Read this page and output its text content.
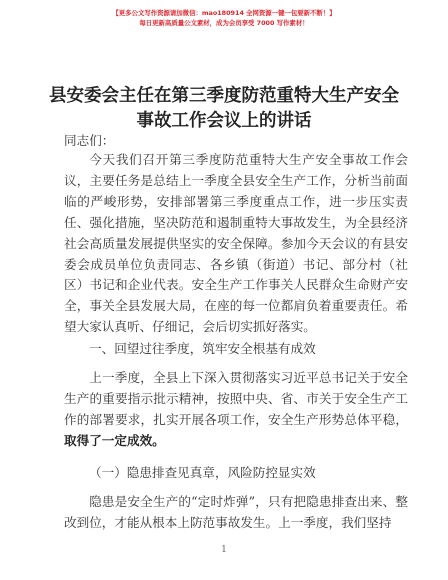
【更多公文写作资源请加微信：mao180914 全网资源一键一包要新不断！】
每日更新高质量公文素材，成为会员享受 7000 写作素材！
县安委会主任在第三季度防范重特大生产安全
事故工作会议上的讲话
同志们：
今天我们召开第三季度防范重特大生产安全事故工作会议，主要任务是总结上一季度全县安全生产工作，分析当前面临的严峻形势，安排部署第三季度重点工作，进一步压实责任、强化措施，坚决防范和遏制重特大事故发生，为全县经济社会高质量发展提供坚实的安全保障。参加今天会议的有县安委会成员单位负责同志、各乡镇（街道）书记、部分村（社区）书记和企业代表。安全生产工作事关人民群众生命财产安全，事关全县发展大局，在座的每一位都肩负着重要责任。希望大家认真听、仔细记，会后切实抓好落实。
一、回望过往季度，筑牢安全根基有成效
上一季度，全县上下深入贯彻落实习近平总书记关于安全生产的重要指示批示精神，按照中央、省、市关于安全生产工作的部署要求，扎实开展各项工作，安全生产形势总体平稳，取得了一定成效。
（一）隐患排查见真章，风险防控显实效
隐患是安全生产的“定时炸弹”，只有把隐患排查出来、整改到位，才能从根本上防范事故发生。上一季度，我们坚持
1
